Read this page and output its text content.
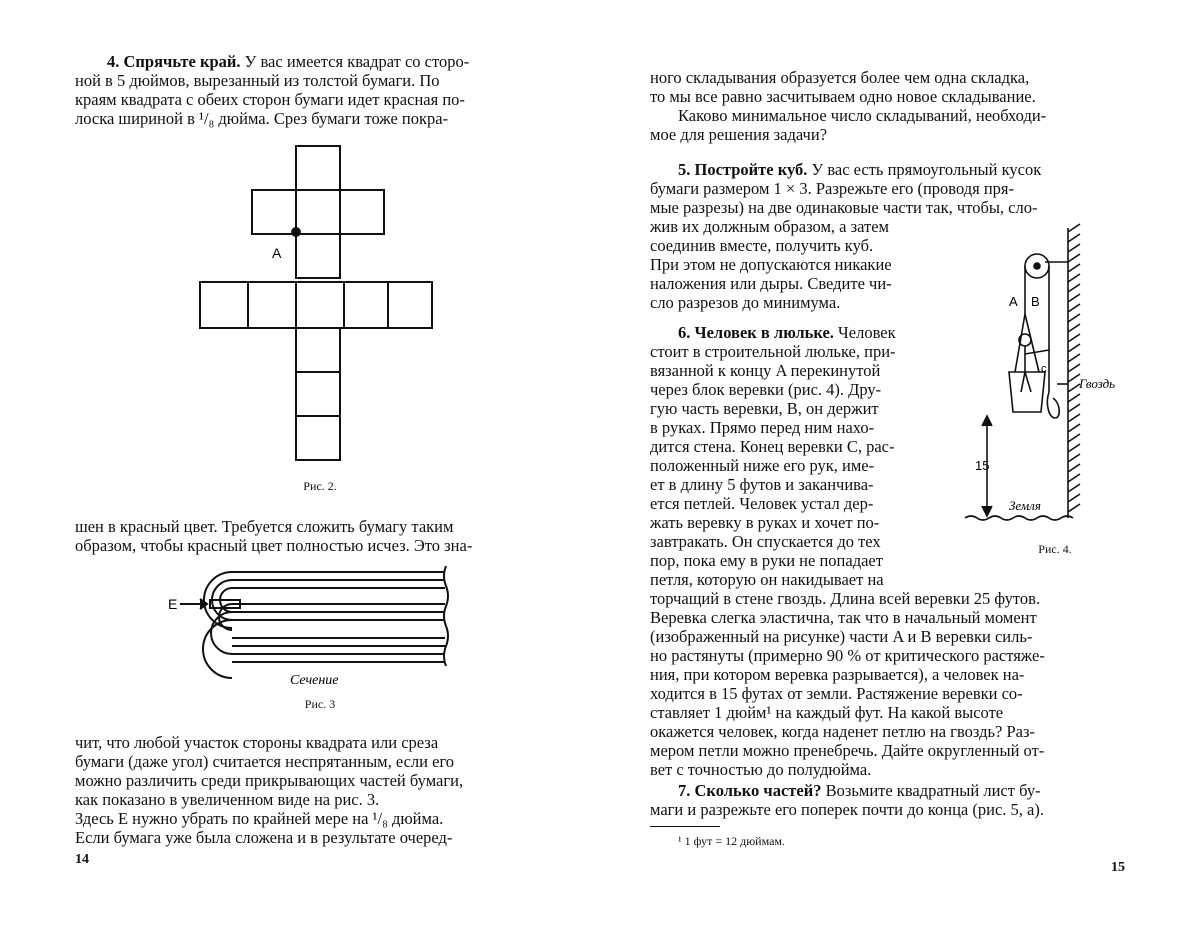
4. Спрячьте край. У вас имеется квадрат со сторо-
ной в 5 дюймов, вырезанный из толстой бумаги. По
краям квадрата с обеих сторон бумаги идет красная по-
лоска шириной в ¹/₈ дюйма. Срез бумаги тоже покра-
A
Рис. 2.
шен в красный цвет. Требуется сложить бумагу таким
образом, чтобы красный цвет полностью исчез. Это зна-
E
Сечение
Рис. 3
чит, что любой участок стороны квадрата или среза
бумаги (даже угол) считается неспрятанным, если его
можно различить среди прикрывающих частей бумаги,
как показано в увеличенном виде на рис. 3.
Здесь E нужно убрать по крайней мере на ¹/₈ дюйма.
Если бумага уже была сложена и в результате очеред-
14
ного складывания образуется более чем одна складка,
то мы все равно засчитываем одно новое складывание.
Каково минимальное число складываний, необходи-
мое для решения задачи?
5. Постройте куб. У вас есть прямоугольный кусок
бумаги размером 1 × 3. Разрежьте его (проводя пря-
мые разрезы) на две одинаковые части так, чтобы, сло-
жив их должным образом, а затем
соединив вместе, получить куб.
При этом не допускаются никакие
наложения или дыры. Сведите чи-
сло разрезов до минимума.
6. Человек в люльке. Человек
стоит в строительной люльке, при-
вязанной к концу A перекинутой
через блок веревки (рис. 4). Дру-
гую часть веревки, B, он держит
в руках. Прямо перед ним нахо-
дится стена. Конец веревки C, рас-
положенный ниже его рук, име-
ет в длину 5 футов и заканчива-
ется петлей. Человек устал дер-
жать веревку в руках и хочет по-
завтракать. Он спускается до тех
пор, пока ему в руки не попадает
петля, которую он накидывает на
торчащий в стене гвоздь. Длина всей веревки 25 футов.
Веревка слегка эластична, так что в начальный момент
(изображенный на рисунке) части A и B веревки силь-
но растянуты (примерно 90 % от критического растяже-
ния, при котором веревка разрывается), а человек на-
ходится в 15 футах от земли. Растяжение веревки со-
ставляет 1 дюйм¹ на каждый фут. На какой высоте
окажется человек, когда наденет петлю на гвоздь? Раз-
мером петли можно пренебречь. Дайте округленный от-
вет с точностью до полудюйма.
7. Сколько частей? Возьмите квадратный лист бу-
маги и разрежьте его поперек почти до конца (рис. 5, a).
A B
c
Гвоздь
Земля
15
Рис. 4.
¹ 1 фут = 12 дюймам.
15
